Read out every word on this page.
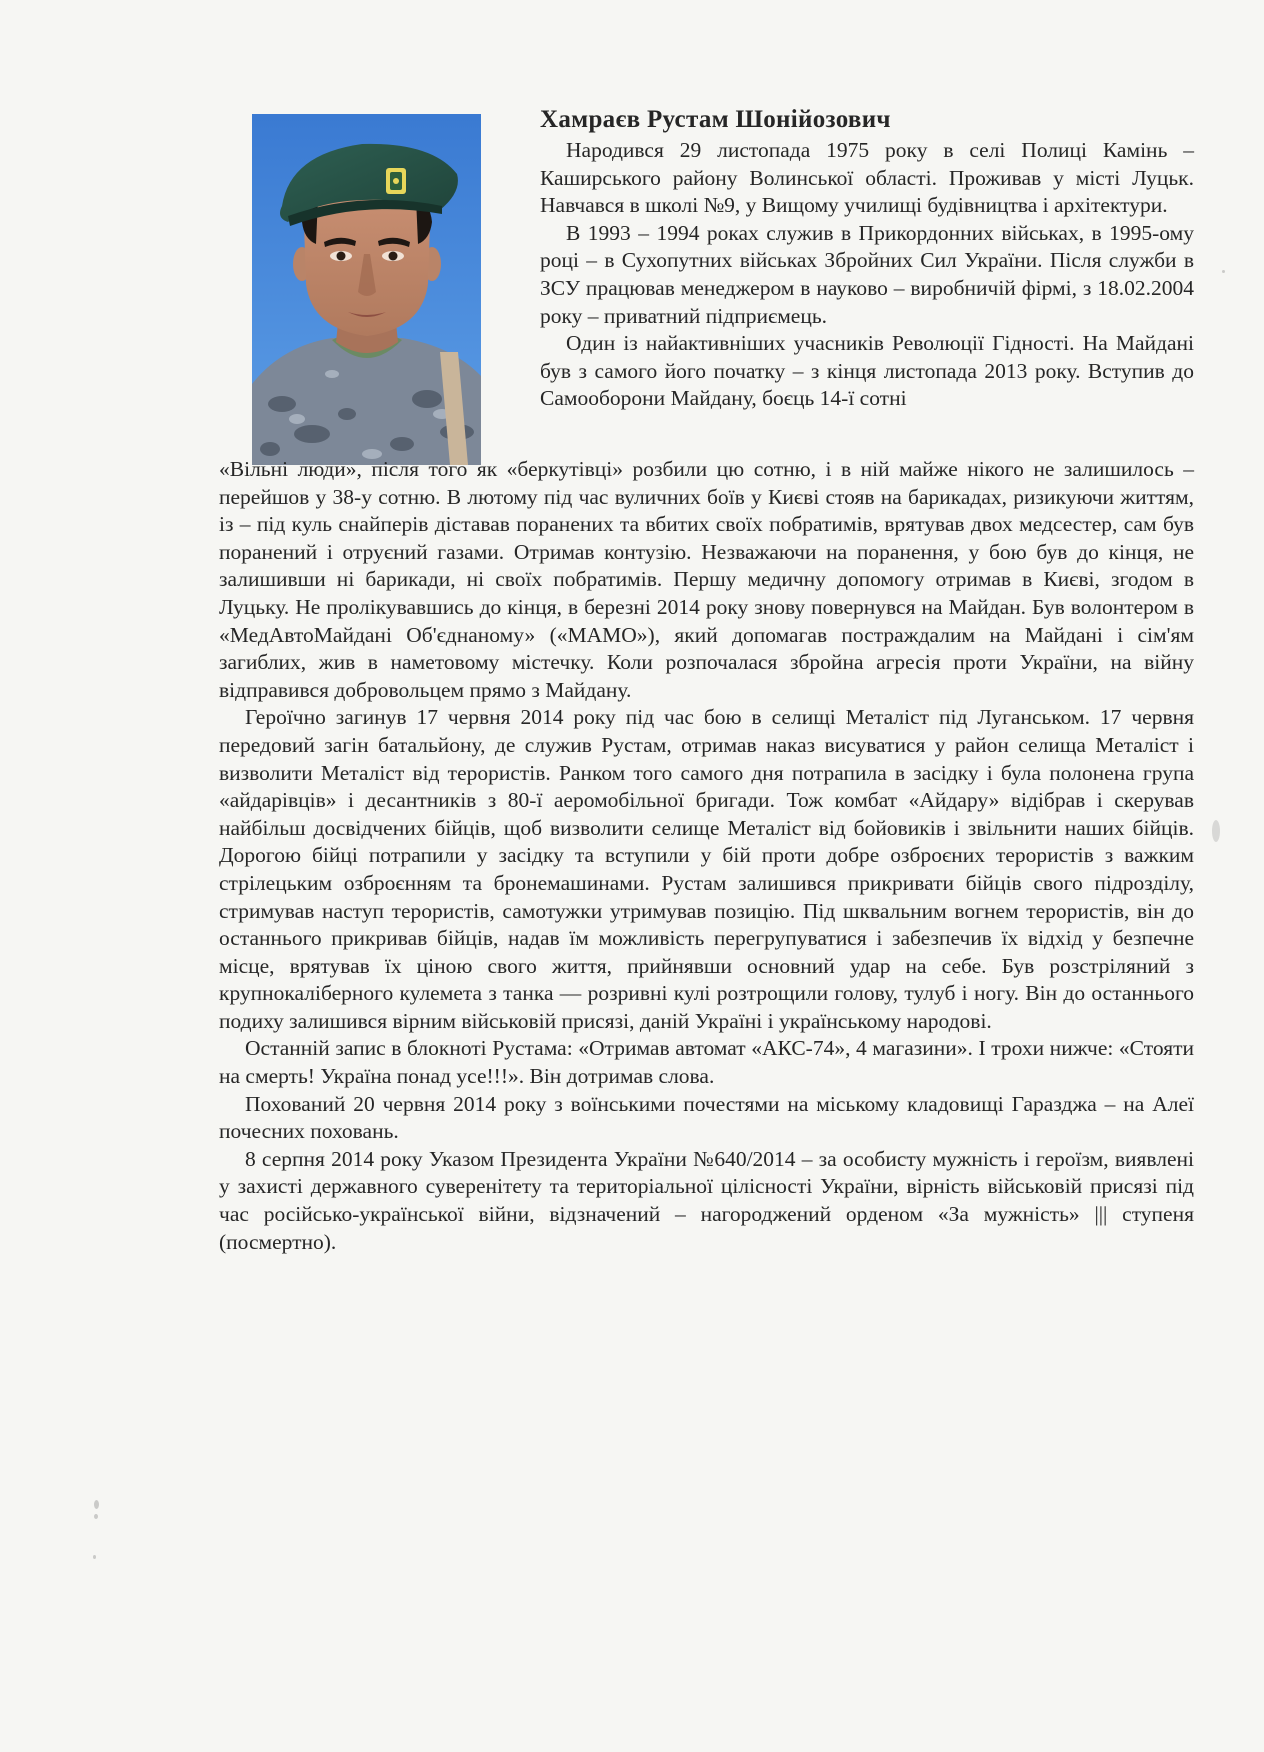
Хамраєв Рустам Шонійозович

Народився 29 листопада 1975 року в селі Полиці Камінь – Каширського району Волинської області. Проживав у місті Луцьк. Навчався в школі №9, у Вищому училищі будівництва і архітектури.

В 1993 – 1994 роках служив в Прикордонних військах, в 1995-ому році – в Сухопутних військах Збройних Сил України. Після служби в ЗСУ працював менеджером в науково – виробничій фірмі, з 18.02.2004 року – приватний підприємець.

Один із найактивніших учасників Революції Гідності. На Майдані був з самого його початку – з кінця листопада 2013 року. Вступив до Самооборони Майдану, боєць 14-ї сотні

«Вільні люди», після того як «беркутівці» розбили цю сотню, і в ній майже нікого не залишилось – перейшов у 38-у сотню. В лютому під час вуличних боїв у Києві стояв на барикадах, ризикуючи життям, із – під куль снайперів діставав поранених та вбитих своїх побратимів, врятував двох медсестер, сам був поранений і отруєний газами. Отримав контузію. Незважаючи на поранення, у бою був до кінця, не залишивши ні барикади, ні своїх побратимів. Першу медичну допомогу отримав в Києві, згодом в Луцьку. Не пролікувавшись до кінця, в березні 2014 року знову повернувся на Майдан. Був волонтером в «МедАвтоМайдані Об'єднаному» («МАМО»), який допомагав постраждалим на Майдані і сім'ям загиблих, жив в наметовому містечку. Коли розпочалася збройна агресія проти України, на війну відправився добровольцем прямо з Майдану.

Героїчно загинув 17 червня 2014 року під час бою в селищі Металіст під Луганськом. 17 червня передовий загін батальйону, де служив Рустам, отримав наказ висуватися у район селища Металіст і визволити Металіст від терористів. Ранком того самого дня потрапила в засідку і була полонена група «айдарівців» і десантників з 80-ї аеромобільної бригади. Тож комбат «Айдару» відібрав і скерував найбільш досвідчених бійців, щоб визволити селище Металіст від бойовиків і звільнити наших бійців. Дорогою бійці потрапили у засідку та вступили у бій проти добре озброєних терористів з важким стрілецьким озброєнням та бронемашинами. Рустам залишився прикривати бійців свого підрозділу, стримував наступ терористів, самотужки утримував позицію. Під шквальним вогнем терористів, він до останнього прикривав бійців, надав їм можливість перегрупуватися і забезпечив їх відхід у безпечне місце, врятував їх ціною свого життя, прийнявши основний удар на себе. Був розстріляний з крупнокаліберного кулемета з танка — розривні кулі розтрощили голову, тулуб і ногу. Він до останнього подиху залишився вірним військовій присязі, даній Україні і українському народові.

Останній запис в блокноті Рустама: «Отримав автомат «АКС-74», 4 магазини». І трохи нижче: «Стояти на смерть! Україна понад усе!!!». Він дотримав слова.

Похований 20 червня 2014 року з воїнськими почестями на міському кладовищі Гаразджа – на Алеї почесних поховань.

8 серпня 2014 року Указом Президента України №640/2014 – за особисту мужність і героїзм, виявлені у захисті державного суверенітету та територіальної цілісності України, вірність військовій присязі під час російсько-української війни, відзначений – нагороджений орденом «За мужність» ||| ступеня (посмертно).
